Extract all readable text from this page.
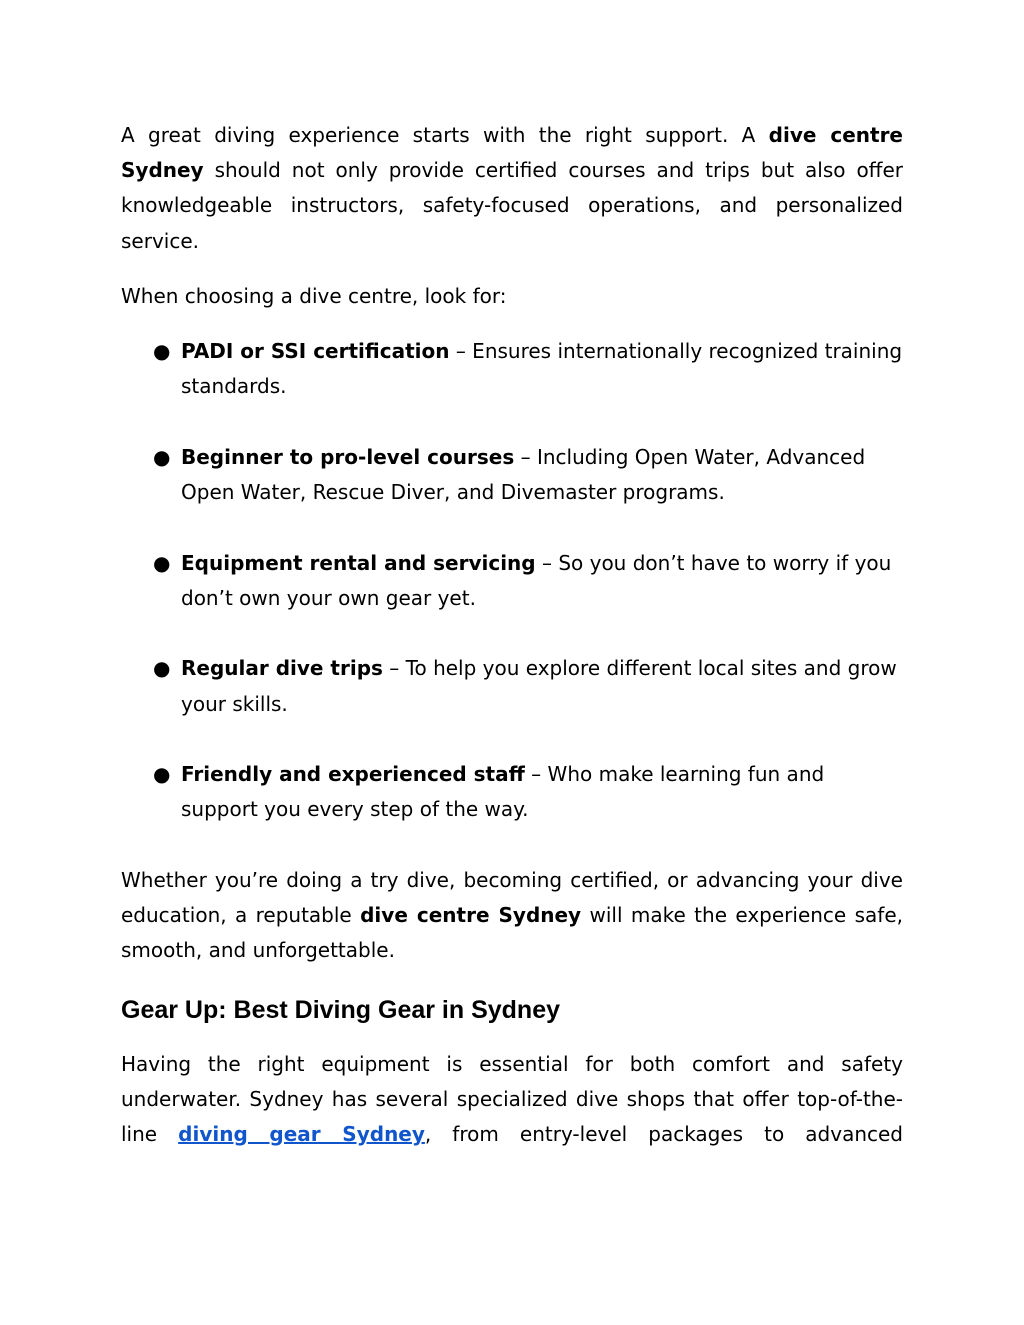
A great diving experience starts with the right support. A dive centre Sydney should not only provide certified courses and trips but also offer knowledgeable instructors, safety-focused operations, and personalized service.

When choosing a dive centre, look for:

● PADI or SSI certification – Ensures internationally recognized training standards.
● Beginner to pro-level courses – Including Open Water, Advanced Open Water, Rescue Diver, and Divemaster programs.
● Equipment rental and servicing – So you don’t have to worry if you don’t own your own gear yet.
● Regular dive trips – To help you explore different local sites and grow your skills.
● Friendly and experienced staff – Who make learning fun and support you every step of the way.

Whether you’re doing a try dive, becoming certified, or advancing your dive education, a reputable dive centre Sydney will make the experience safe, smooth, and unforgettable.

Gear Up: Best Diving Gear in Sydney

Having the right equipment is essential for both comfort and safety underwater. Sydney has several specialized dive shops that offer top-of-the-line diving gear Sydney, from entry-level packages to advanced
